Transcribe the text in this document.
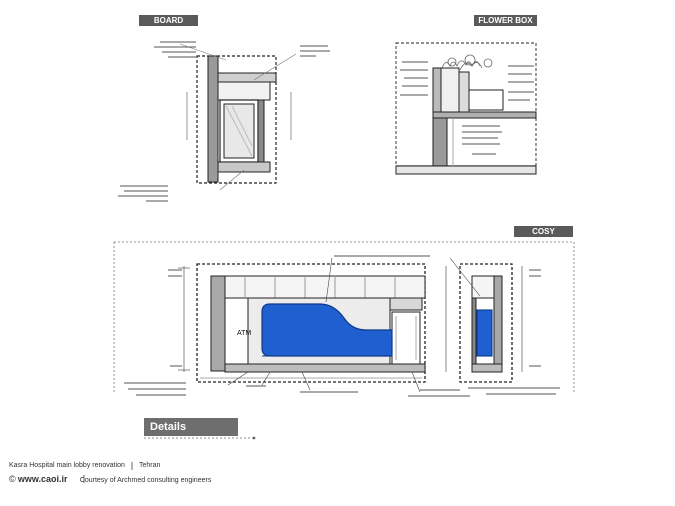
BOARD	FLOWER BOX
COSY
ATM
Details
Kasra Hospital main lobby renovation Tehran
© www.caoi.ir Courtesy of Archmed consulting engineers
